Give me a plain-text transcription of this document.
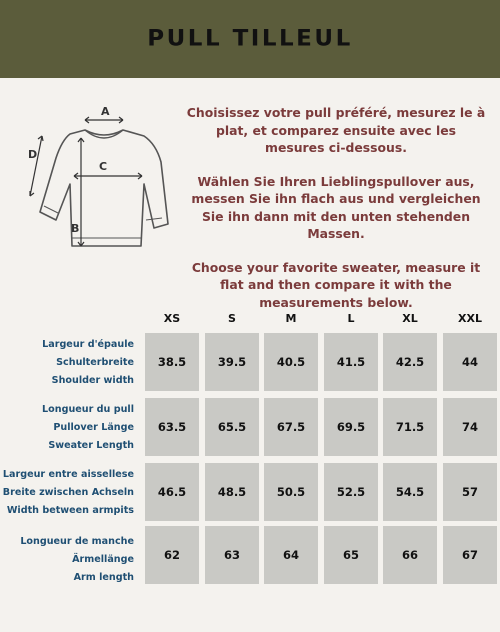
PULL TILLEUL
A
C
B
D

Choisissez votre pull préféré, mesurez le à plat, et comparez ensuite avec les mesures ci-dessous.

Wählen Sie Ihren Lieblingspullover aus, messen Sie ihn flach aus und vergleichen Sie ihn dann mit den unten stehenden Massen.

Choose your favorite sweater, measure it flat and then compare it with the measurements below.

XS	S	M	L	XL	XXL
Largeur d'épaule
Schulterbreite
Shoulder width
38.5	39.5	40.5	41.5	42.5	44
Longueur du pull
Pullover Länge
Sweater Length
63.5	65.5	67.5	69.5	71.5	74
Largeur entre aissellese
Breite zwischen Achseln
Width between armpits
46.5	48.5	50.5	52.5	54.5	57
Longueur de manche
Ärmellänge
Arm length
62	63	64	65	66	67
